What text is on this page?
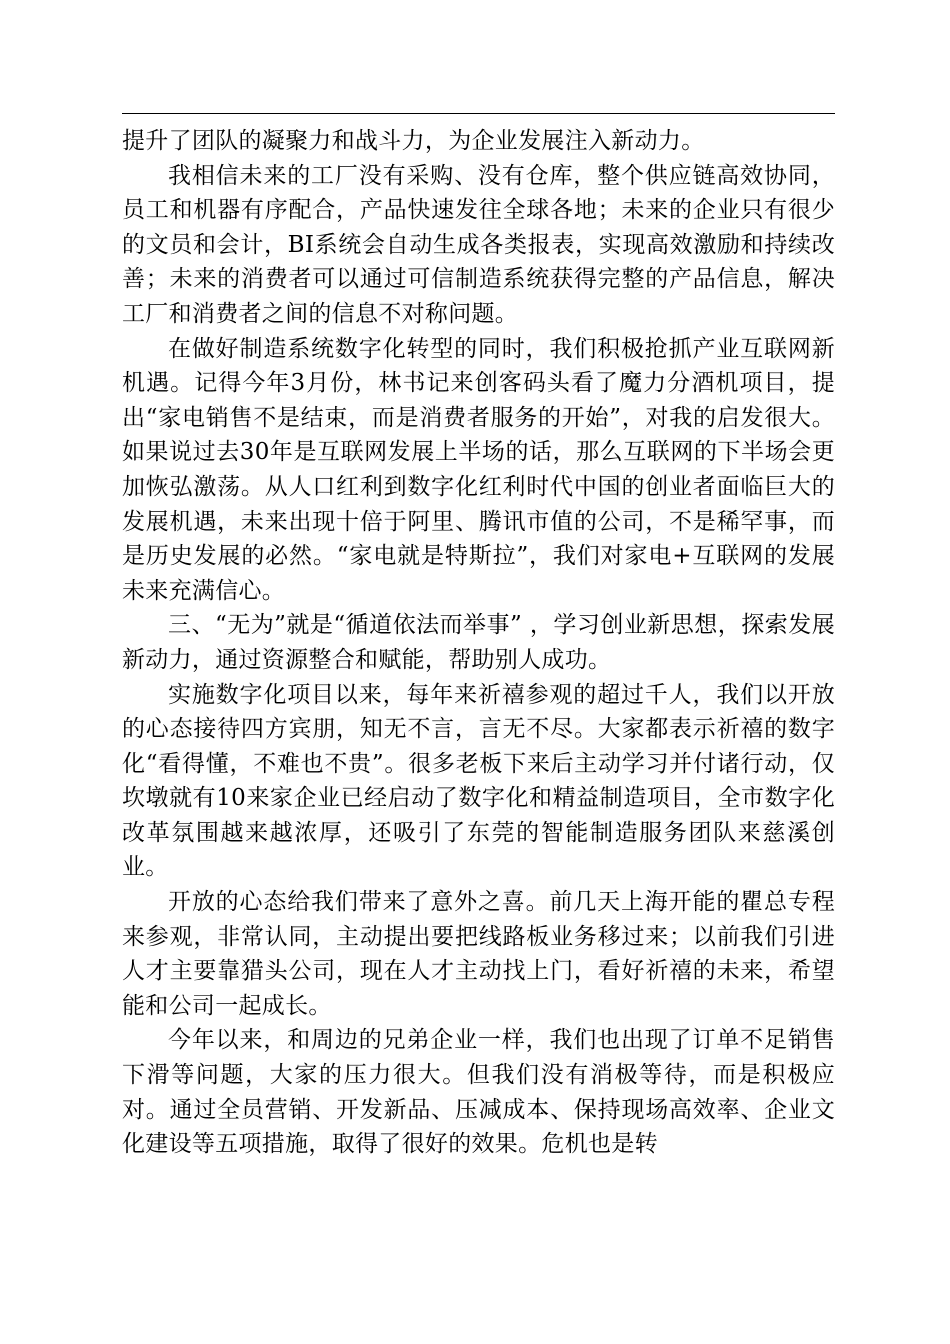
提升了团队的凝聚力和战斗力，为企业发展注入新动力。

我相信未来的工厂没有采购、没有仓库，整个供应链高效协同，员工和机器有序配合，产品快速发往全球各地；未来的企业只有很少的文员和会计，BI系统会自动生成各类报表，实现高效激励和持续改善；未来的消费者可以通过可信制造系统获得完整的产品信息，解决工厂和消费者之间的信息不对称问题。

在做好制造系统数字化转型的同时，我们积极抢抓产业互联网新机遇。记得今年3月份，林书记来创客码头看了魔力分酒机项目，提出“家电销售不是结束，而是消费者服务的开始”，对我的启发很大。如果说过去30年是互联网发展上半场的话，那么互联网的下半场会更加恢弘激荡。从人口红利到数字化红利时代中国的创业者面临巨大的发展机遇，未来出现十倍于阿里、腾讯市值的公司，不是稀罕事，而是历史发展的必然。“家电就是特斯拉”，我们对家电+互联网的发展未来充满信心。

三、“无为”就是“循道依法而举事” ，学习创业新思想，探索发展新动力，通过资源整合和赋能，帮助别人成功。

实施数字化项目以来，每年来祈禧参观的超过千人，我们以开放的心态接待四方宾朋，知无不言，言无不尽。大家都表示祈禧的数字化“看得懂，不难也不贵”。很多老板下来后主动学习并付诸行动，仅坎墩就有10来家企业已经启动了数字化和精益制造项目，全市数字化改革氛围越来越浓厚，还吸引了东莞的智能制造服务团队来慈溪创业。

开放的心态给我们带来了意外之喜。前几天上海开能的瞿总专程来参观，非常认同，主动提出要把线路板业务移过来；以前我们引进人才主要靠猎头公司，现在人才主动找上门，看好祈禧的未来，希望能和公司一起成长。

今年以来，和周边的兄弟企业一样，我们也出现了订单不足销售下滑等问题，大家的压力很大。但我们没有消极等待，而是积极应对。通过全员营销、开发新品、压减成本、保持现场高效率、企业文化建设等五项措施，取得了很好的效果。危机也是转
